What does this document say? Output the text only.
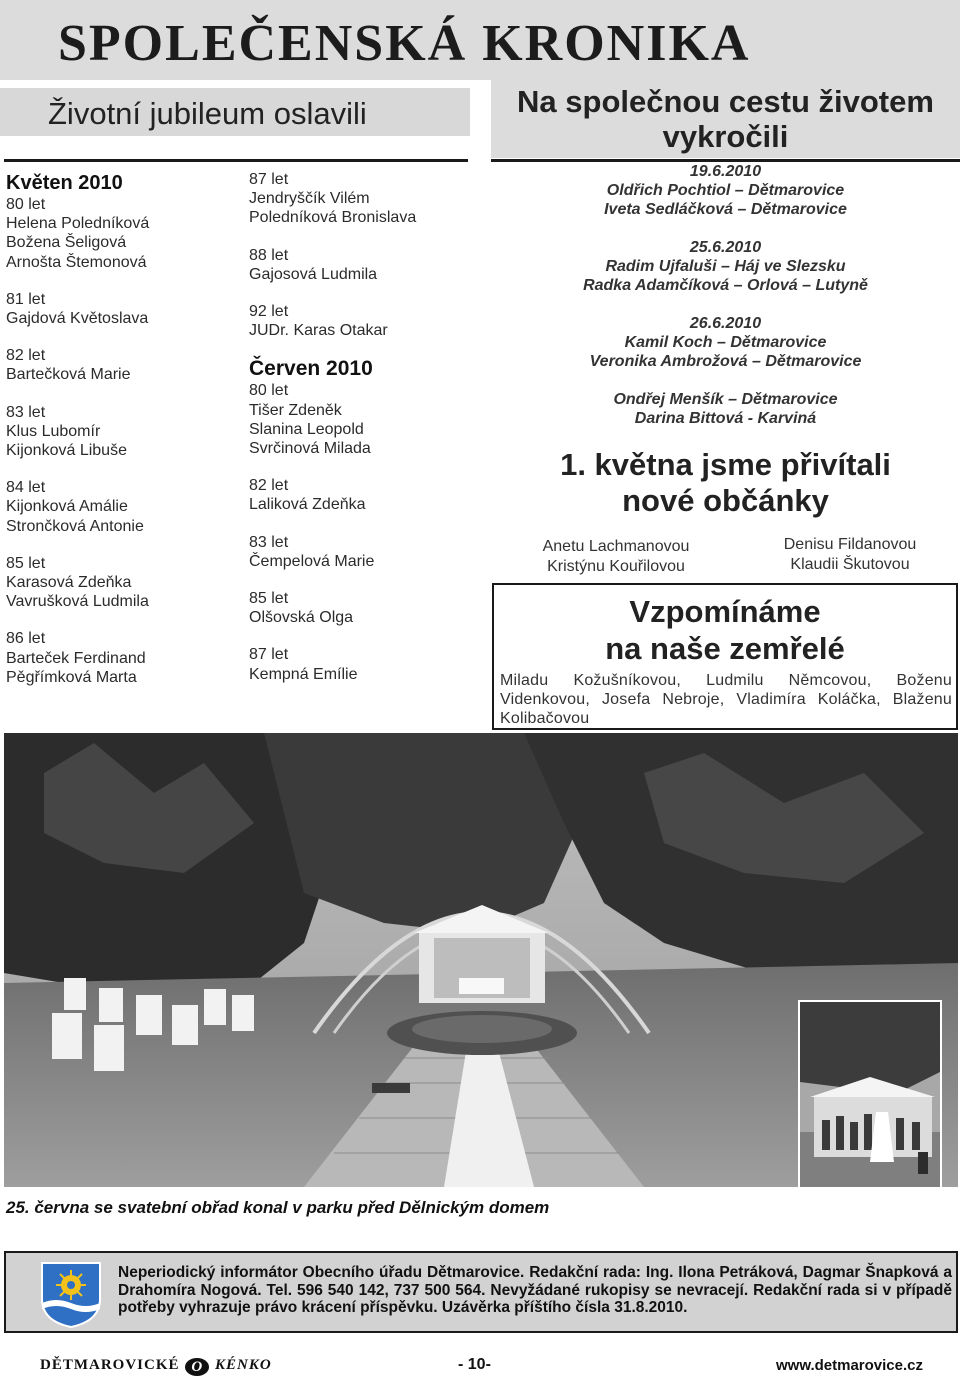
SPOLEČENSKÁ KRONIKA
Životní jubileum oslavili
Květen 2010
80 let
Helena Poledníková
Božena Šeligová
Arnošta Štemonová
81 let
Gajdová Květoslava
82 let
Bartečková Marie
83 let
Klus Lubomír
Kijonková Libuše
84 let
Kijonková Amálie
Strončková Antonie
85 let
Karasová Zdeňka
Vavrušková Ludmila
86 let
Barteček Ferdinand
Pěgřímková Marta
87 let
Jendryščík Vilém
Poledníková Bronislava
88 let
Gajosová Ludmila
92 let
JUDr. Karas Otakar
Červen 2010
80 let
Tišer Zdeněk
Slanina Leopold
Svrčinová Milada
82 let
Laliková Zdeňka
83 let
Čempelová Marie
85 let
Olšovská Olga
87 let
Kempná Emílie
Na společnou cestu životem
vykročili
19.6.2010
Oldřich Pochtiol – Dětmarovice
Iveta Sedláčková – Dětmarovice
25.6.2010
Radim Ujfaluši – Háj ve Slezsku
Radka Adamčíková – Orlová – Lutyně
26.6.2010
Kamil Koch – Dětmarovice
Veronika Ambrožová – Dětmarovice
Ondřej Menšík – Dětmarovice
Darina Bittová - Karviná
1. května jsme přivítali
nové občánky
Anetu Lachmanovou
Kristýnu Kouřilovou
Denisu Fildanovou
Klaudii Škutovou
Vzpomínáme
na naše zemřelé
Miladu Kožušníkovou, Ludmilu Němcovou, Boženu Videnkovou, Josefa Nebroje, Vladimíra Koláčka, Blaženu Kolibačovou
25. června se svatební obřad konal v parku před Dělnickým domem
Neperiodický informátor Obecního úřadu Dětmarovice. Redakční rada: Ing. Ilona Petráková, Dagmar Šnapková a Drahomíra Nogová. Tel. 596 540 142, 737 500 564. Nevyžádané rukopisy se nevracejí. Redakční rada si v případě potřeby vyhrazuje právo krácení příspěvku. Uzávěrka příštího čísla 31.8.2010.
DĚTMAROVICKÉ O KÉNKO	- 10-	www.detmarovice.cz
